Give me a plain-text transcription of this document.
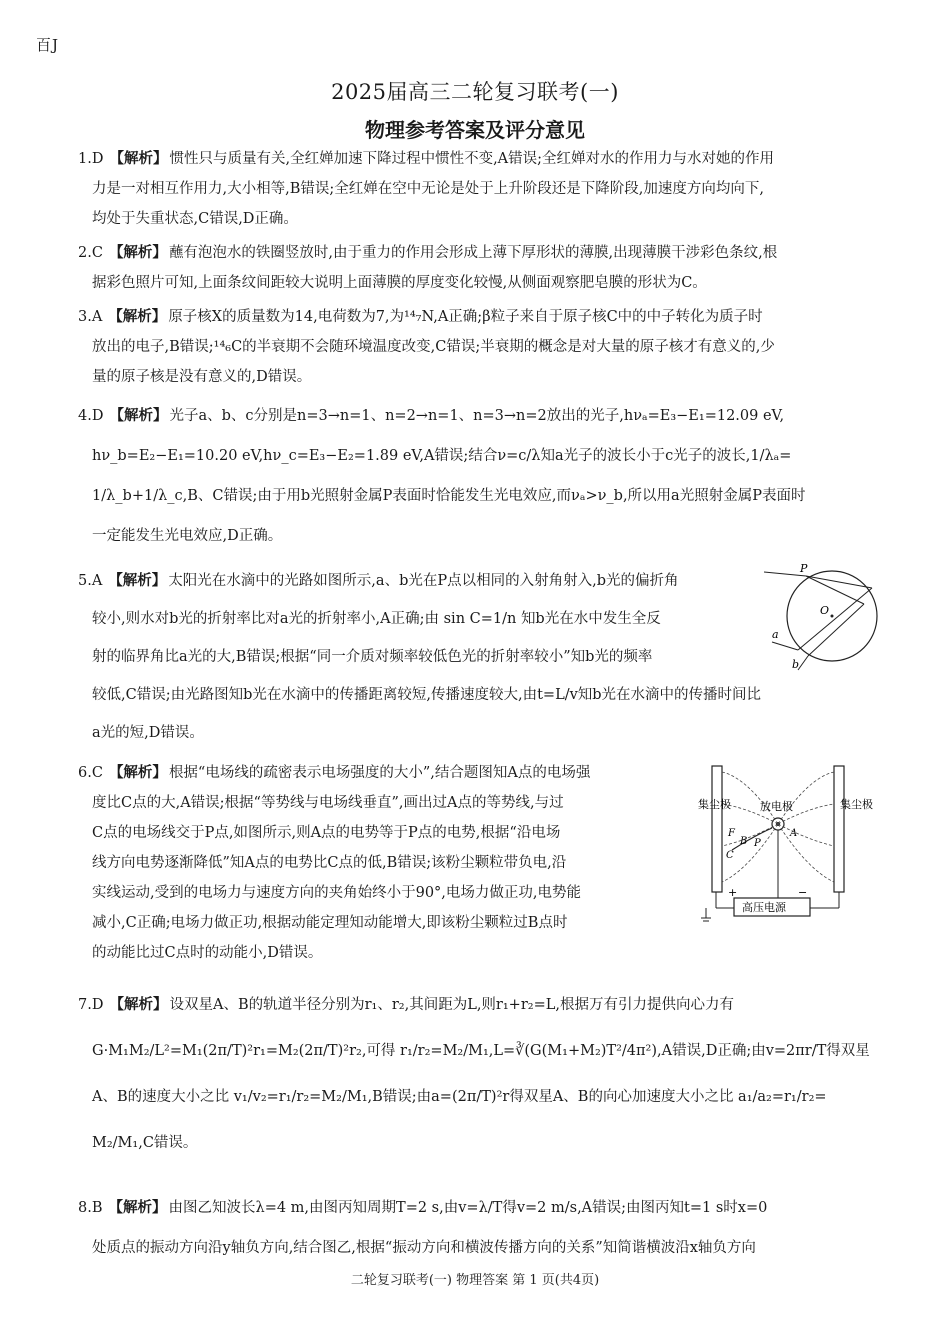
百J
2025届高三二轮复习联考(一)
物理参考答案及评分意见
1.D 【解析】 惯性只与质量有关,全红婵加速下降过程中惯性不变,A错误;全红婵对水的作用力与水对她的作用
力是一对相互作用力,大小相等,B错误;全红婵在空中无论是处于上升阶段还是下降阶段,加速度方向均向下,
均处于失重状态,C错误,D正确。
2.C 【解析】 蘸有泡泡水的铁圈竖放时,由于重力的作用会形成上薄下厚形状的薄膜,出现薄膜干涉彩色条纹,根
据彩色照片可知,上面条纹间距较大说明上面薄膜的厚度变化较慢,从侧面观察肥皂膜的形状为C。
3.A 【解析】 原子核X的质量数为14,电荷数为7,为¹⁴₇N,A正确;β粒子来自于原子核C中的中子转化为质子时
放出的电子,B错误;¹⁴₆C的半衰期不会随环境温度改变,C错误;半衰期的概念是对大量的原子核才有意义的,少
量的原子核是没有意义的,D错误。
4.D 【解析】 光子a、b、c分别是n=3→n=1、n=2→n=1、n=3→n=2放出的光子,hνₐ=E₃−E₁=12.09 eV,
hν_b=E₂−E₁=10.20 eV,hν_c=E₃−E₂=1.89 eV,A错误;结合ν=c/λ知a光子的波长小于c光子的波长,1/λₐ=
1/λ_b+1/λ_c,B、C错误;由于用b光照射金属P表面时恰能发生光电效应,而νₐ>ν_b,所以用a光照射金属P表面时
一定能发生光电效应,D正确。
5.A 【解析】 太阳光在水滴中的光路如图所示,a、b光在P点以相同的入射角射入,b光的偏折角
较小,则水对b光的折射率比对a光的折射率小,A正确;由 sin C=1/n 知b光在水中发生全反
射的临界角比a光的大,B错误;根据“同一介质对频率较低色光的折射率较小”知b光的频率
较低,C错误;由光路图知b光在水滴中的传播距离较短,传播速度较大,由t=L/v知b光在水滴中的传播时间比
a光的短,D错误。
P
O
a
b
6.C 【解析】 根据“电场线的疏密表示电场强度的大小”,结合题图知A点的电场强
度比C点的大,A错误;根据“等势线与电场线垂直”,画出过A点的等势线,与过
C点的电场线交于P点,如图所示,则A点的电势等于P点的电势,根据“沿电场
线方向电势逐渐降低”知A点的电势比C点的低,B错误;该粉尘颗粒带负电,沿
实线运动,受到的电场力与速度方向的夹角始终小于90°,电场力做正功,电势能
减小,C正确;电场力做正功,根据动能定理知动能增大,即该粉尘颗粒过B点时
的动能比过C点时的动能小,D错误。
高压电源
+	−
集尘极	集尘极
放电极
F
B P
A
C
7.D 【解析】 设双星A、B的轨道半径分别为r₁、r₂,其间距为L,则r₁+r₂=L,根据万有引力提供向心力有
G·M₁M₂/L²=M₁(2π/T)²r₁=M₂(2π/T)²r₂,可得 r₁/r₂=M₂/M₁,L=∛(G(M₁+M₂)T²/4π²),A错误,D正确;由v=2πr/T得双星
A、B的速度大小之比 v₁/v₂=r₁/r₂=M₂/M₁,B错误;由a=(2π/T)²r得双星A、B的向心加速度大小之比 a₁/a₂=r₁/r₂=
M₂/M₁,C错误。
8.B 【解析】 由图乙知波长λ=4 m,由图丙知周期T=2 s,由v=λ/T得v=2 m/s,A错误;由图丙知t=1 s时x=0
处质点的振动方向沿y轴负方向,结合图乙,根据“振动方向和横波传播方向的关系”知简谐横波沿x轴负方向
二轮复习联考(一) 物理答案 第 1 页(共4页)
